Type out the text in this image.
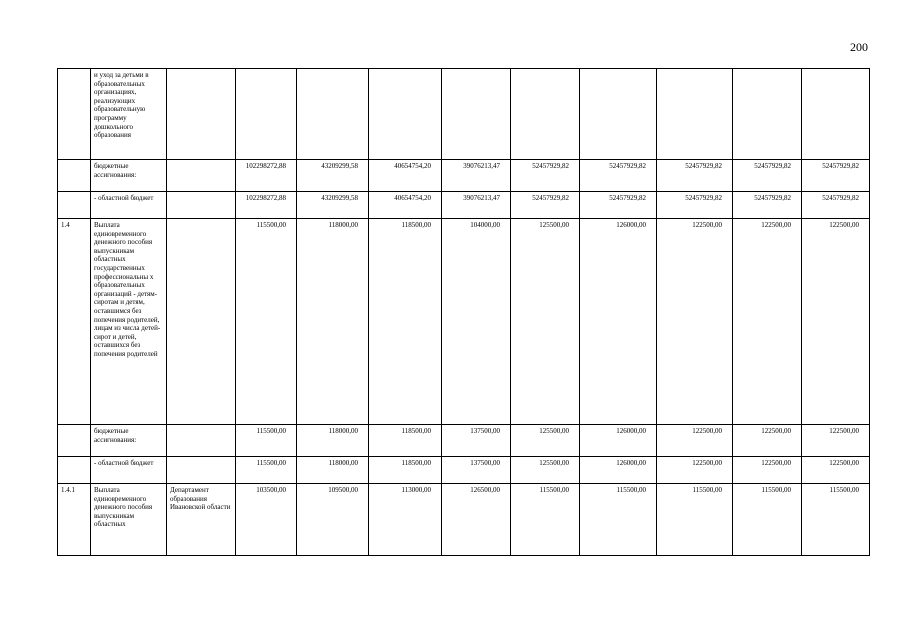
200
	и уход за детьми в образовательных организациях, реализующих образовательную программу дошкольного образования										
	бюджетные ассигнования:		102298272,88	43209299,58	40654754,20	39076213,47	52457929,82	52457929,82	52457929,82	52457929,82	52457929,82
	- областной бюджет		102298272,88	43209299,58	40654754,20	39076213,47	52457929,82	52457929,82	52457929,82	52457929,82	52457929,82
1.4	Выплата единовременного денежного пособия выпускникам областных государственных профессиональны х образовательных организаций - детям-сиротам и детям, оставшимся без попечения родителей, лицам из числа детей-сирот и детей, оставшихся без попечения родителей		115500,00	118000,00	118500,00	104000,00	125500,00	126000,00	122500,00	122500,00	122500,00
	бюджетные ассигнования:		115500,00	118000,00	118500,00	137500,00	125500,00	126000,00	122500,00	122500,00	122500,00
	- областной бюджет		115500,00	118000,00	118500,00	137500,00	125500,00	126000,00	122500,00	122500,00	122500,00
1.4.1	Выплата единовременного денежного пособия выпускникам областных	Департамент образования Ивановской области	103500,00	109500,00	113000,00	126500,00	115500,00	115500,00	115500,00	115500,00	115500,00
